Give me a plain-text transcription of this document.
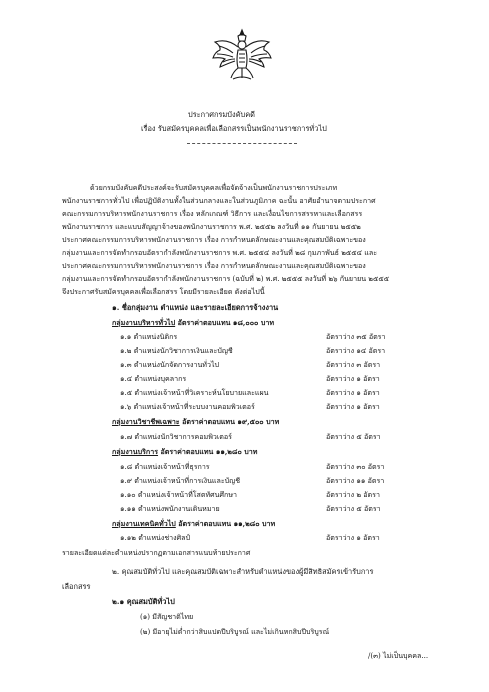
ประกาศกรมบังคับคดี
เรื่อง รับสมัครบุคคลเพื่อเลือกสรรเป็นพนักงานราชการทั่วไป
ด้วยกรมบังคับคดีประสงค์จะรับสมัครบุคคลเพื่อจัดจ้างเป็นพนักงานราชการประเภท
พนักงานราชการทั่วไป เพื่อปฏิบัติงานทั้งในส่วนกลางและในส่วนภูมิภาค ฉะนั้น อาศัยอำนาจตามประกาศ
คณะกรรมการบริหารพนักงานราชการ เรื่อง หลักเกณฑ์ วิธีการ และเงื่อนไขการสรรหาและเลือกสรร
พนักงานราชการ และแบบสัญญาจ้างของพนักงานราชการ พ.ศ. ๒๕๕๒ ลงวันที่ ๑๑ กันยายน ๒๕๕๒
ประกาศคณะกรรมการบริหารพนักงานราชการ เรื่อง การกำหนดลักษณะงานและคุณสมบัติเฉพาะของ
กลุ่มงานและการจัดทำกรอบอัตรากำลังพนักงานราชการ พ.ศ. ๒๕๕๔ ลงวันที่ ๒๘ กุมภาพันธ์ ๒๕๕๔ และ
ประกาศคณะกรรมการบริหารพนักงานราชการ เรื่อง การกำหนดลักษณะงานและคุณสมบัติเฉพาะของ
กลุ่มงานและการจัดทำกรอบอัตรากำลังพนักงานราชการ (ฉบับที่ ๒) พ.ศ. ๒๕๕๕ ลงวันที่ ๒๖ กันยายน ๒๕๕๕
จึงประกาศรับสมัครบุคคลเพื่อเลือกสรร โดยมีรายละเอียด ดังต่อไปนี้
๑. ชื่อกลุ่มงาน ตำแหน่ง และรายละเอียดการจ้างงาน
กลุ่มงานบริหารทั่วไป อัตราค่าตอบแทน ๑๘,๐๐๐ บาท
๑.๑ ตำแหน่งนิติกร	อัตราว่าง ๓๕ อัตรา
๑.๒ ตำแหน่งนักวิชาการเงินและบัญชี	อัตราว่าง ๑๔ อัตรา
๑.๓ ตำแหน่งนักจัดการงานทั่วไป	อัตราว่าง ๓ อัตรา
๑.๔ ตำแหน่งบุคลากร	อัตราว่าง ๑ อัตรา
๑.๕ ตำแหน่งเจ้าหน้าที่วิเคราะห์นโยบายและแผน	อัตราว่าง ๑ อัตรา
๑.๖ ตำแหน่งเจ้าหน้าที่ระบบงานคอมพิวเตอร์	อัตราว่าง ๑ อัตรา
กลุ่มงานวิชาชีพเฉพาะ อัตราค่าตอบแทน ๑๙,๕๐๐ บาท
๑.๗ ตำแหน่งนักวิชาการคอมพิวเตอร์	อัตราว่าง ๕ อัตรา
กลุ่มงานบริการ อัตราค่าตอบแทน ๑๑,๒๘๐ บาท
๑.๘ ตำแหน่งเจ้าหน้าที่ธุรการ	อัตราว่าง ๓๐ อัตรา
๑.๙ ตำแหน่งเจ้าหน้าที่การเงินและบัญชี	อัตราว่าง ๑๑ อัตรา
๑.๑๐ ตำแหน่งเจ้าหน้าที่โสตทัศนศึกษา	อัตราว่าง ๒ อัตรา
๑.๑๑ ตำแหน่งพนักงานเดินหมาย	อัตราว่าง ๕ อัตรา
กลุ่มงานเทคนิคทั่วไป อัตราค่าตอบแทน ๑๑,๒๘๐ บาท
๑.๑๒ ตำแหน่งช่างศิลป์	อัตราว่าง ๑ อัตรา
รายละเอียดแต่ละตำแหน่งปรากฏตามเอกสารแนบท้ายประกาศ
๒. คุณสมบัติทั่วไป และคุณสมบัติเฉพาะสำหรับตำแหน่งของผู้มีสิทธิสมัครเข้ารับการ
เลือกสรร
๒.๑ คุณสมบัติทั่วไป
(๑) มีสัญชาติไทย
(๒) มีอายุไม่ต่ำกว่าสิบแปดปีบริบูรณ์ และไม่เกินหกสิบปีบริบูรณ์
/(๓) ไม่เป็นบุคคล...
